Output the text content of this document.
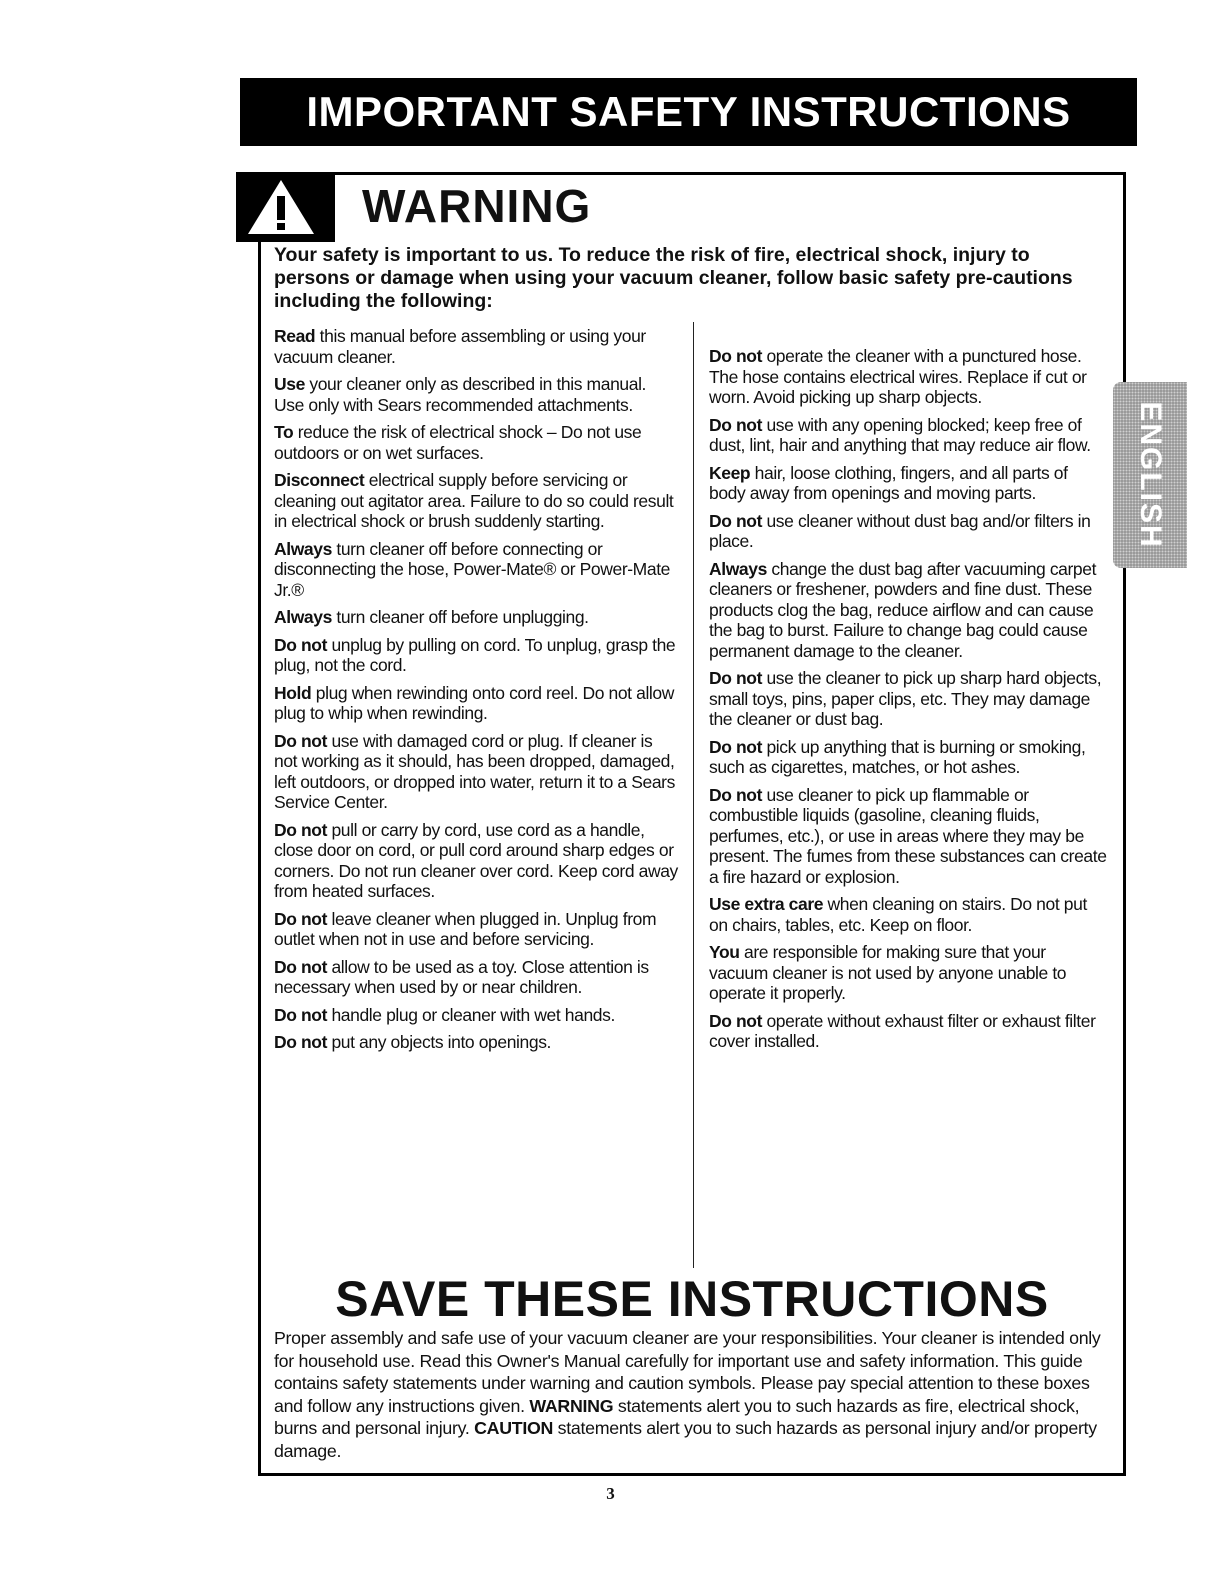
IMPORTANT SAFETY INSTRUCTIONS
WARNING
Your safety is important to us. To reduce the risk of fire, electrical shock, injury to persons or damage when using your vacuum cleaner, follow basic safety pre-cautions including the following:

Read this manual before assembling or using your vacuum cleaner.

Use your cleaner only as described in this manual. Use only with Sears recommended attachments.

To reduce the risk of electrical shock – Do not use outdoors or on wet surfaces.

Disconnect electrical supply before servicing or cleaning out agitator area. Failure to do so could result in electrical shock or brush suddenly starting.

Always turn cleaner off before connecting or disconnecting the hose, Power-Mate® or Power-Mate Jr.®

Always turn cleaner off before unplugging.

Do not unplug by pulling on cord. To unplug, grasp the plug, not the cord.

Hold plug when rewinding onto cord reel. Do not allow plug to whip when rewinding.

Do not use with damaged cord or plug. If cleaner is not working as it should, has been dropped, damaged, left outdoors, or dropped into water, return it to a Sears Service Center.

Do not pull or carry by cord, use cord as a handle, close door on cord, or pull cord around sharp edges or corners. Do not run cleaner over cord. Keep cord away from heated surfaces.

Do not leave cleaner when plugged in. Unplug from outlet when not in use and before servicing.

Do not allow to be used as a toy. Close attention is necessary when used by or near children.

Do not handle plug or cleaner with wet hands.

Do not put any objects into openings.

Do not operate the cleaner with a punctured hose. The hose contains electrical wires. Replace if cut or worn. Avoid picking up sharp objects.

Do not use with any opening blocked; keep free of dust, lint, hair and anything that may reduce air flow.

Keep hair, loose clothing, fingers, and all parts of body away from openings and moving parts.

Do not use cleaner without dust bag and/or filters in place.

Always change the dust bag after vacuuming carpet cleaners or freshener, powders and fine dust. These products clog the bag, reduce airflow and can cause the bag to burst. Failure to change bag could cause permanent damage to the cleaner.

Do not use the cleaner to pick up sharp hard objects, small toys, pins, paper clips, etc. They may damage the cleaner or dust bag.

Do not pick up anything that is burning or smoking, such as cigarettes, matches, or hot ashes.

Do not use cleaner to pick up flammable or combustible liquids (gasoline, cleaning fluids, perfumes, etc.), or use in areas where they may be present. The fumes from these substances can create a fire hazard or explosion.

Use extra care when cleaning on stairs. Do not put on chairs, tables, etc. Keep on floor.

You are responsible for making sure that your vacuum cleaner is not used by anyone unable to operate it properly.

Do not operate without exhaust filter or exhaust filter cover installed.

ENGLISH
SAVE THESE INSTRUCTIONS
Proper assembly and safe use of your vacuum cleaner are your responsibilities. Your cleaner is intended only for household use. Read this Owner's Manual carefully for important use and safety information. This guide contains safety statements under warning and caution symbols. Please pay special attention to these boxes and follow any instructions given. WARNING statements alert you to such hazards as fire, electrical shock, burns and personal injury. CAUTION statements alert you to such hazards as personal injury and/or property damage.
3
